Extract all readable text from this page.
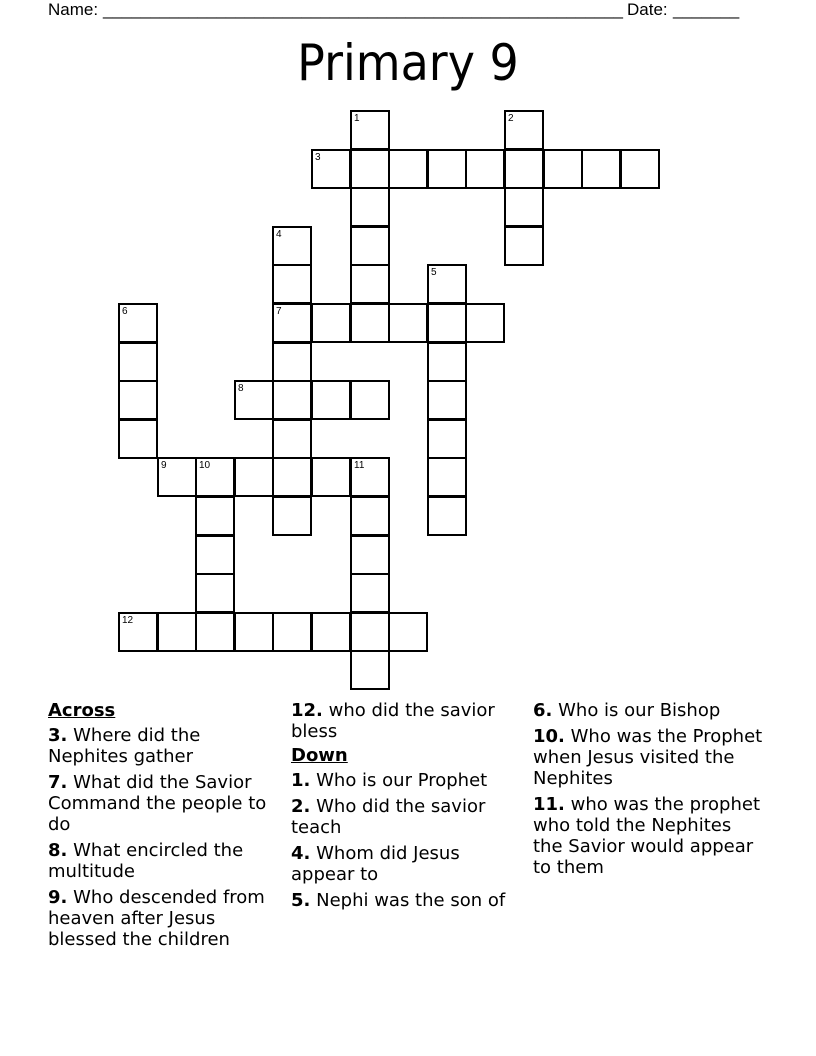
Name:

_______________________________________________________

Date:

_______

Primary 9
1	2
3
4
5
6	7
8
9	10	11
12
Across
3. Where did the Nephites gather
7. What did the Savior Command the people to do
8. What encircled the multitude
9. Who descended from heaven after Jesus blessed the children
12. who did the savior bless
Down
1. Who is our Prophet
2. Who did the savior teach
4. Whom did Jesus appear to
5. Nephi was the son of
6. Who is our Bishop
10. Who was the Prophet when Jesus visited the Nephites
11. who was the prophet who told the Nephites the Savior would appear to them
